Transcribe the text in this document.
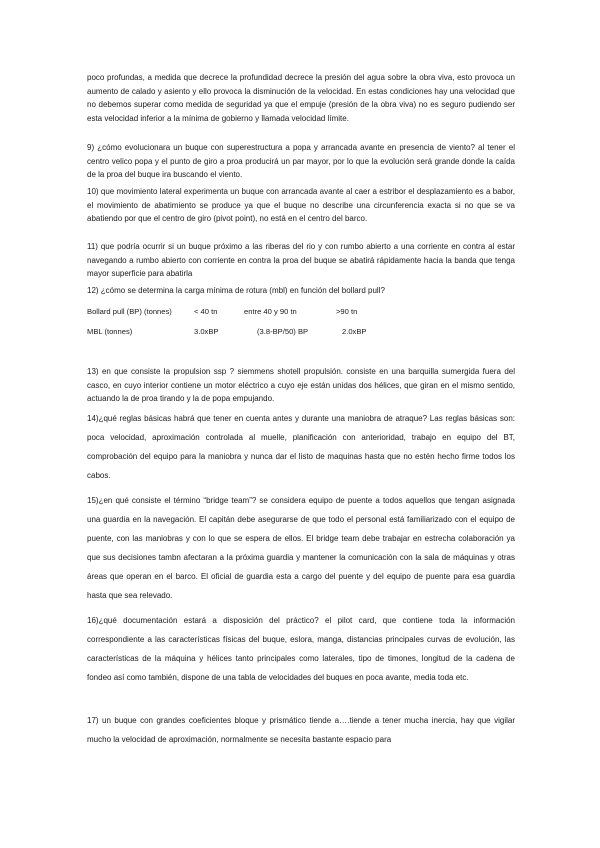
poco profundas, a medida que decrece la profundidad decrece la presión del agua sobre la obra viva, esto provoca un aumento de calado y asiento y ello provoca la disminución de la velocidad. En estas condiciones hay una velocidad que no debemos superar como medida de seguridad ya que el empuje (presión de la obra viva) no es seguro pudiendo ser esta velocidad inferior a la mínima de gobierno y llamada velocidad límite.

9) ¿cómo evolucionara un buque con superestructura a popa y arrancada avante en presencia de viento? al tener el centro velico popa y el punto de giro a proa producirá un par mayor, por lo que la evolución será grande donde la caída de la proa del buque ira buscando el viento.

10) que movimiento lateral experimenta un buque con arrancada avante al caer a estribor el desplazamiento es a babor, el movimiento de abatimiento se produce ya que el buque no describe una circunferencia exacta si no que se va abatiendo por que el centro de giro (pivot point), no está en el centro del barco.

11) que podría ocurrir si un buque próximo a las riberas del rio y con rumbo abierto a una corriente en contra al estar navegando a rumbo abierto con corriente en contra la proa del buque se abatirá rápidamente hacia la banda que tenga mayor superficie para abatirla

12) ¿cómo se determina la carga mínima de rotura (mbl) en función del bollard pull?

Bollard pull (BP) (tonnes)	< 40 tn	entre 40 y 90 tn	>90 tn
MBL (tonnes)	3.0xBP	(3.8-BP/50) BP	2.0xBP

13) en que consiste la propulsion ssp ? siemmens shotell propulsión. consiste en una barquilla sumergida fuera del casco, en cuyo interior contiene un motor eléctrico a cuyo eje están unidas dos hélices, que giran en el mismo sentido, actuando la de proa tirando y la de popa empujando.

14)¿qué reglas básicas habrá que tener en cuenta antes y durante una maniobra de atraque? Las reglas básicas son: poca velocidad, aproximación controlada al muelle, planificación con anterioridad, trabajo en equipo del BT, comprobación del equipo para la maniobra y nunca dar el listo de maquinas hasta que no estén hecho firme todos los cabos.

15)¿en qué consiste el término “bridge team”? se considera equipo de puente a todos aquellos que tengan asignada una guardia en la navegación. El capitán debe asegurarse de que todo el personal está familiarizado con el equipo de puente, con las maniobras y con lo que se espera de ellos. El bridge team debe trabajar en estrecha colaboración ya que sus decisiones tambn afectaran a la próxima guardia y mantener la comunicación con la sala de máquinas y otras áreas que operan en el barco. El oficial de guardia esta a cargo del puente y del equipo de puente para esa guardia hasta que sea relevado.

16)¿qué documentación estará a disposición del práctico? el pilot card, que contiene toda la información correspondiente a las características físicas del buque, eslora, manga, distancias principales curvas de evolución, las características de la máquina y hélices tanto principales como laterales, tipo de timones, longitud de la cadena de fondeo así como también, dispone de una tabla de velocidades del buques en poca avante, media toda etc.

17) un buque con grandes coeficientes bloque y prismático tiende a….tiende a tener mucha inercia, hay que vigilar mucho la velocidad de aproximación, normalmente se necesita bastante espacio para
